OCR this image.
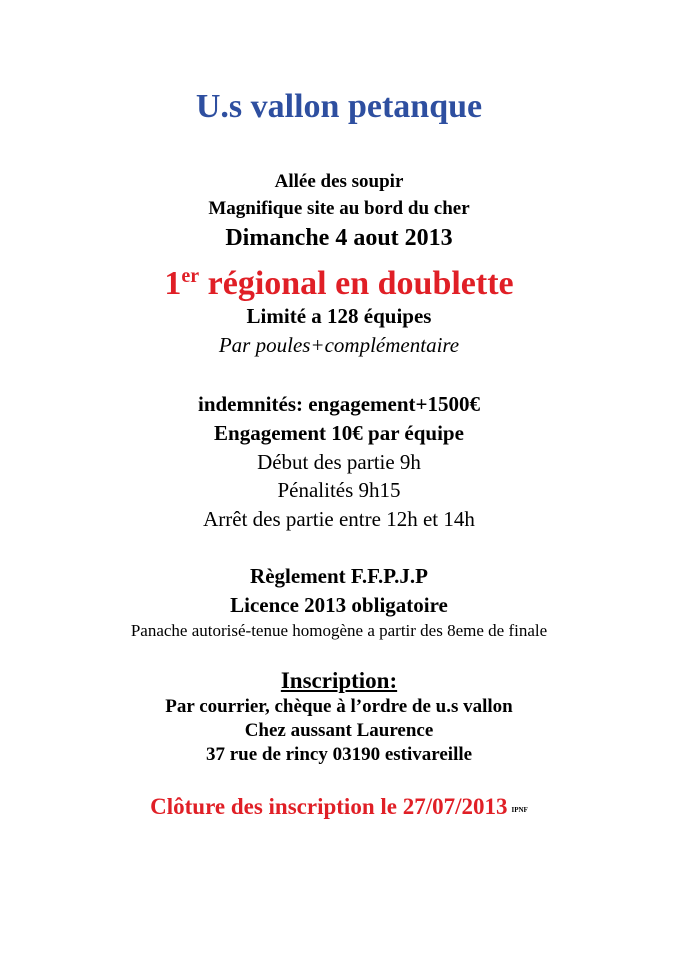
U.s vallon petanque

Allée des soupir

Magnifique site au bord du cher

Dimanche 4 aout 2013

1er régional en doublette

Limité a 128 équipes

Par poules+complémentaire

indemnités: engagement+1500€

Engagement 10€ par équipe

Début des partie 9h

Pénalités 9h15

Arrêt des partie entre 12h et 14h

Règlement F.F.P.J.P

Licence 2013 obligatoire

Panache autorisé-tenue homogène a partir des 8eme de finale

Inscription:

Par courrier, chèque à l’ordre de u.s vallon

Chez aussant Laurence

37 rue de rincy 03190 estivareille

Clôture des inscription le 27/07/2013 IPNF
